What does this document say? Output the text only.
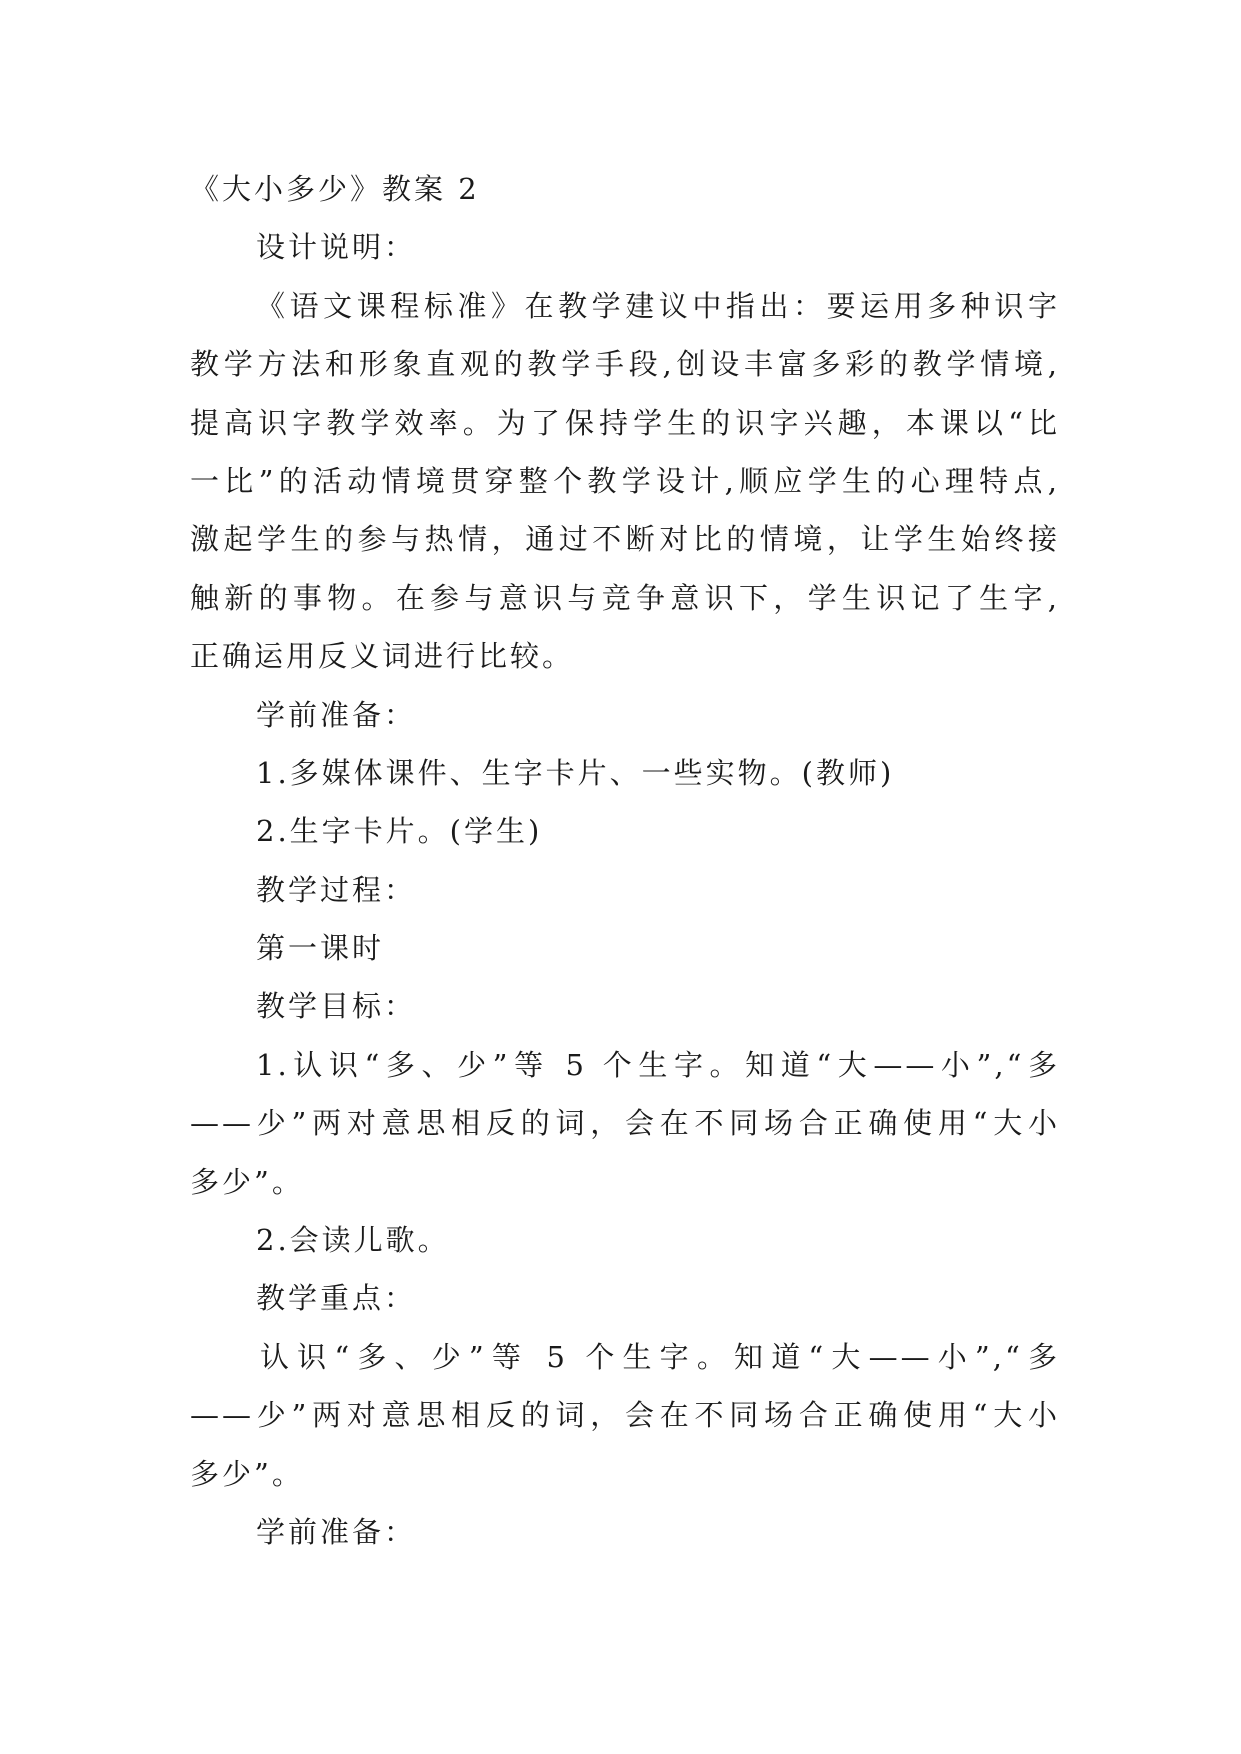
《大小多少》教案 2
设计说明：
《语文课程标准》在教学建议中指出：要运用多种识字
教学方法和形象直观的教学手段,创设丰富多彩的教学情境,
提高识字教学效率。为了保持学生的识字兴趣，本课以“比
一比”的活动情境贯穿整个教学设计,顺应学生的心理特点,
激起学生的参与热情，通过不断对比的情境，让学生始终接
触新的事物。在参与意识与竞争意识下，学生识记了生字,
正确运用反义词进行比较。
学前准备：
1.多媒体课件、生字卡片、一些实物。(教师)
2.生字卡片。(学生)
教学过程：
第一课时
教学目标：
1.认识“多、少”等 5 个生字。知道“大——小”,“多
——少”两对意思相反的词，会在不同场合正确使用“大小
多少”。
2.会读儿歌。
教学重点：
认识“多、少”等 5 个生字。知道“大——小”,“多
——少”两对意思相反的词，会在不同场合正确使用“大小
多少”。
学前准备：
